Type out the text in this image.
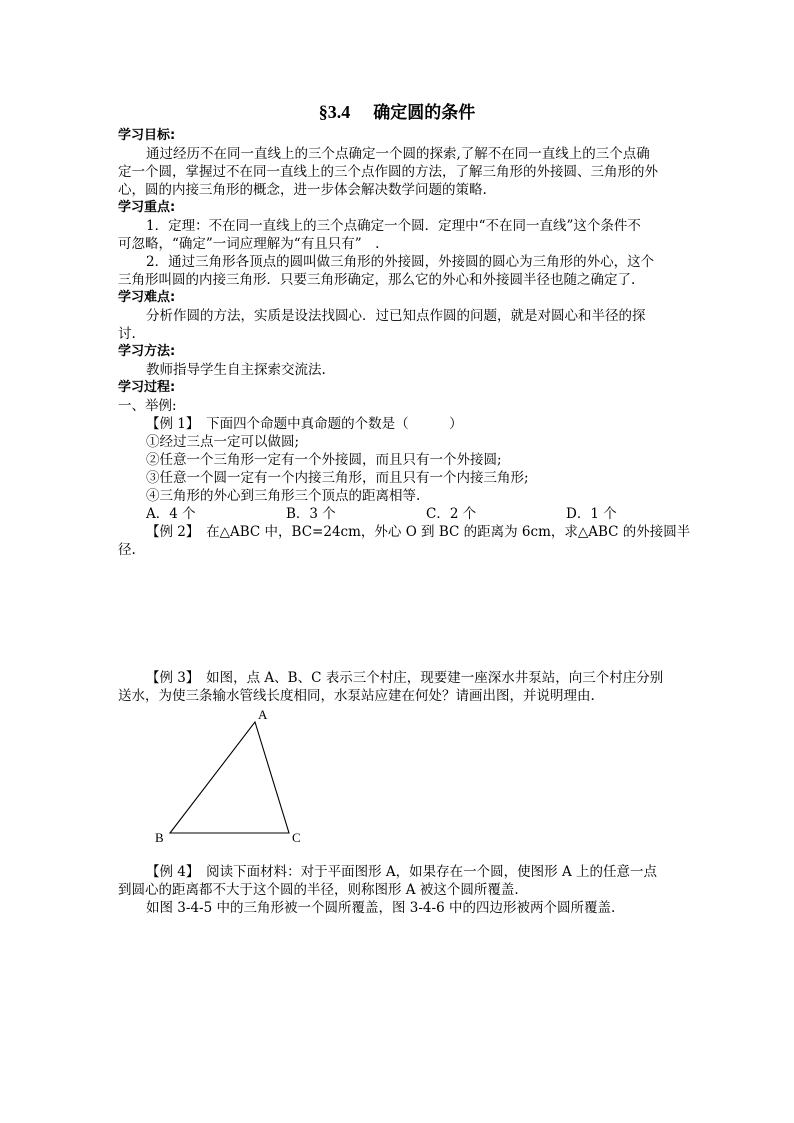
§3.4　 确定圆的条件
学习目标:
通过经历不在同一直线上的三个点确定一个圆的探索,了解不在同一直线上的三个点确
定一个圆，掌握过不在同一直线上的三个点作圆的方法，了解三角形的外接圆、三角形的外
心，圆的内接三角形的概念，进一步体会解决数学问题的策略.
学习重点:
1．定理：不在同一直线上的三个点确定一个圆．定理中“不在同一直线”这个条件不
可忽略，“确定”一词应理解为“有且只有”　.
2．通过三角形各顶点的圆叫做三角形的外接圆，外接圆的圆心为三角形的外心，这个
三角形叫圆的内接三角形．只要三角形确定，那么它的外心和外接圆半径也随之确定了.
学习难点:
分析作圆的方法，实质是设法找圆心．过已知点作圆的问题，就是对圆心和半径的探
讨.
学习方法:
教师指导学生自主探索交流法.
学习过程:
一、举例:
【例 1】　下面四个命题中真命题的个数是（　　　）
①经过三点一定可以做圆;
②任意一个三角形一定有一个外接圆，而且只有一个外接圆;
③任意一个圆一定有一个内接三角形，而且只有一个内接三角形;
④三角形的外心到三角形三个顶点的距离相等.
A．4 个	B．3 个	C．2 个	D．1 个
【例 2】　在△ABC 中，BC=24cm，外心 O 到 BC 的距离为 6cm，求△ABC 的外接圆半
径.
【例 3】　如图，点 A、B、C 表示三个村庄，现要建一座深水井泵站，向三个村庄分别
送水，为使三条输水管线长度相同，水泵站应建在何处？请画出图，并说明理由.
A
B	C
【例 4】　阅读下面材料：对于平面图形 A，如果存在一个圆，使图形 A 上的任意一点
到圆心的距离都不大于这个圆的半径，则称图形 A 被这个圆所覆盖.
如图 3-4-5 中的三角形被一个圆所覆盖，图 3-4-6 中的四边形被两个圆所覆盖.
